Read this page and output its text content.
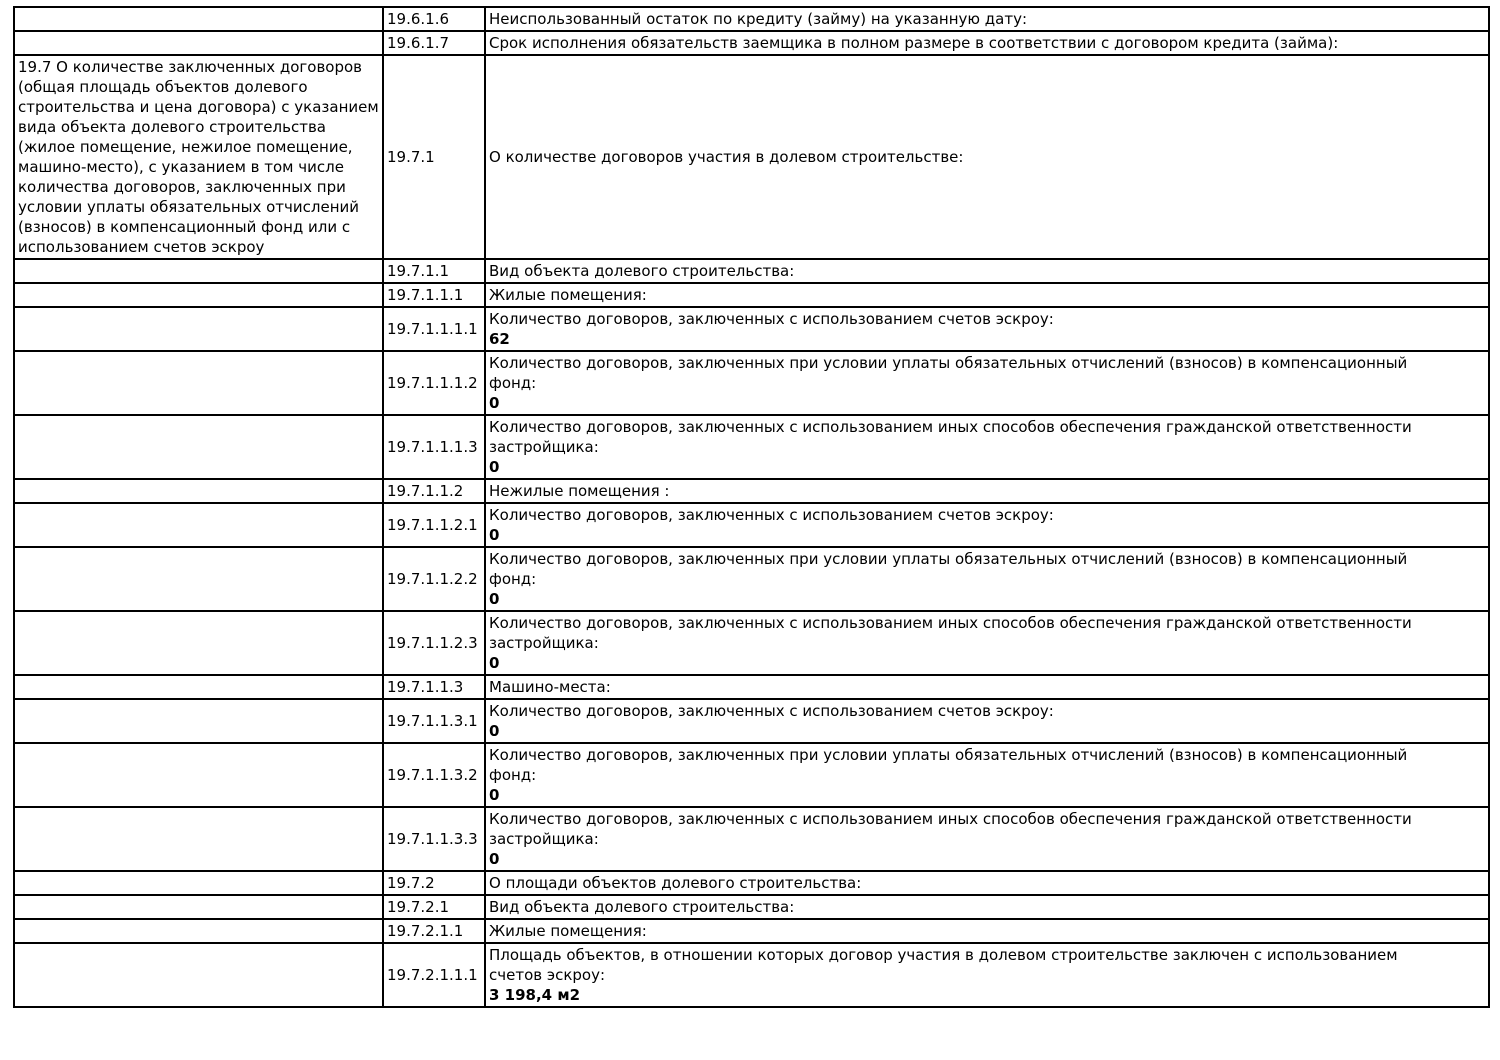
	19.6.1.6	Неиспользованный остаток по кредиту (займу) на указанную дату:

	19.6.1.7	Срок исполнения обязательств заемщика в полном размере в соответствии с договором кредита (займа):

19.7 О количестве заключенных договоров (общая площадь объектов долевого строительства и цена договора) с указанием вида объекта долевого строительства (жилое помещение, нежилое помещение, машино-место), с указанием в том числе количества договоров, заключенных при условии уплаты обязательных отчислений (взносов) в компенсационный фонд или с использованием счетов эскроу	19.7.1	О количестве договоров участия в долевом строительстве:

	19.7.1.1	Вид объекта долевого строительства:

	19.7.1.1.1	Жилые помещения:

	19.7.1.1.1.1	Количество договоров, заключенных с использованием счетов эскроу:
62

	19.7.1.1.1.2	Количество договоров, заключенных при условии уплаты обязательных отчислений (взносов) в компенсационный фонд:
0

	19.7.1.1.1.3	Количество договоров, заключенных с использованием иных способов обеспечения гражданской ответственности застройщика:
0

	19.7.1.1.2	Нежилые помещения :

	19.7.1.1.2.1	Количество договоров, заключенных с использованием счетов эскроу:
0

	19.7.1.1.2.2	Количество договоров, заключенных при условии уплаты обязательных отчислений (взносов) в компенсационный фонд:
0

	19.7.1.1.2.3	Количество договоров, заключенных с использованием иных способов обеспечения гражданской ответственности застройщика:
0

	19.7.1.1.3	Машино-места:

	19.7.1.1.3.1	Количество договоров, заключенных с использованием счетов эскроу:
0

	19.7.1.1.3.2	Количество договоров, заключенных при условии уплаты обязательных отчислений (взносов) в компенсационный фонд:
0

	19.7.1.1.3.3	Количество договоров, заключенных с использованием иных способов обеспечения гражданской ответственности застройщика:
0

	19.7.2	О площади объектов долевого строительства:

	19.7.2.1	Вид объекта долевого строительства:

	19.7.2.1.1	Жилые помещения:

	19.7.2.1.1.1	Площадь объектов, в отношении которых договор участия в долевом строительстве заключен с использованием счетов эскроу:
3 198,4 м2
